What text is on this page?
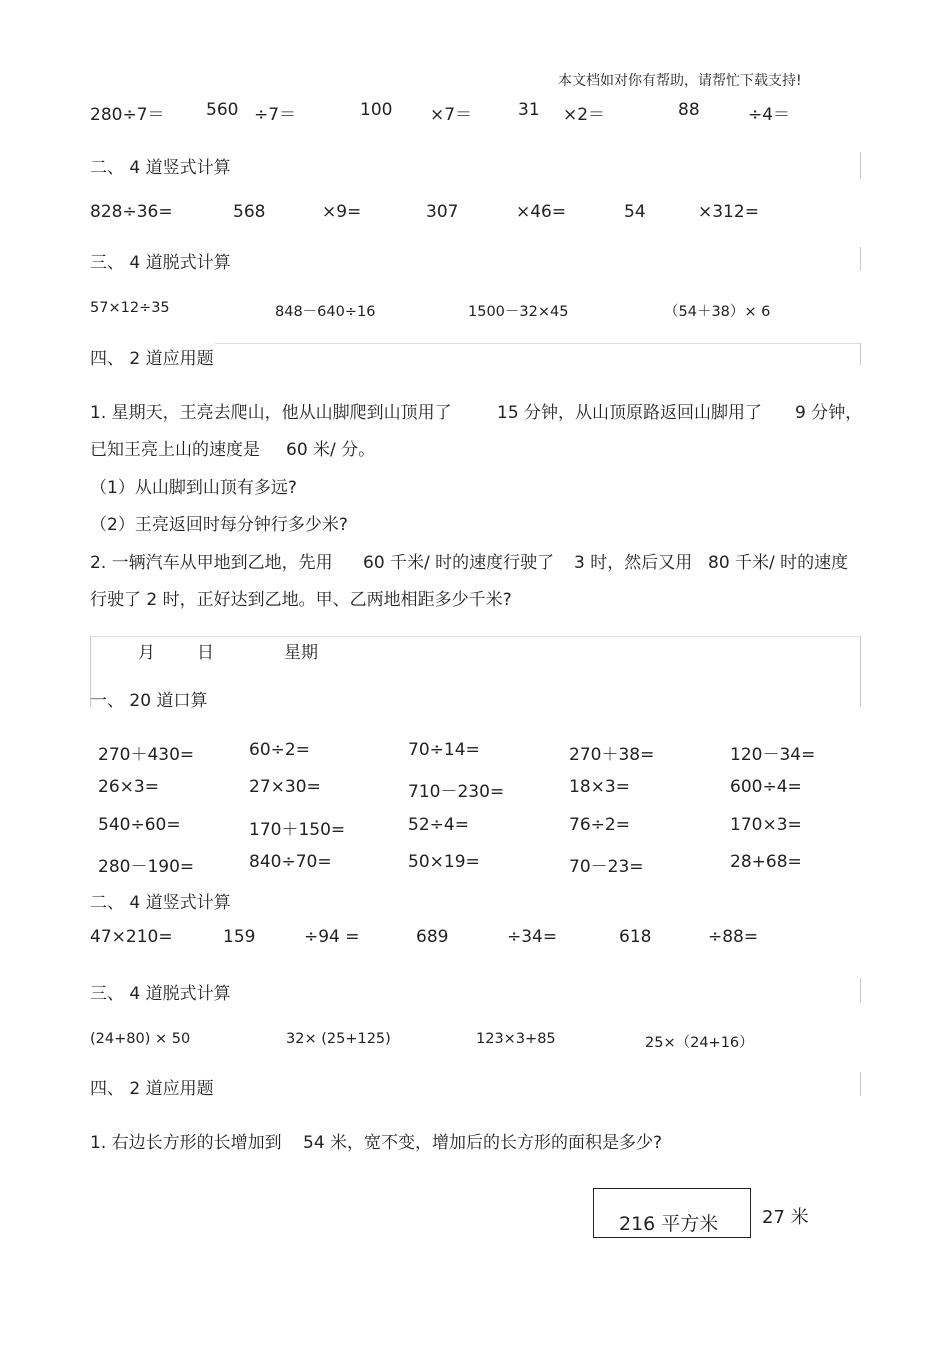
本文档如对你有帮助，请帮忙下载支持!
280÷7＝ 560 ÷7＝	100 ×7＝	31 ×2＝	88	÷4＝
二、 4 道竖式计算
828÷36=	568	×9=	307	×46=	54	×312=
三、 4 道脱式计算
57×12÷35	848－640÷16	1500－32×45	（54＋38）× 6
四、 2 道应用题
1. 星期天，王亮去爬山，他从山脚爬到山顶用了	15 分钟，从山顶原路返回山脚用了 9 分钟，
已知王亮上山的速度是 60 米/ 分。
（1）从山脚到山顶有多远?
（2）王亮返回时每分钟行多少米?
2. 一辆汽车从甲地到乙地，先用 60 千米/ 时的速度行驶了 3 时，然后又用 80 千米/ 时的速度
行驶了 2 时，正好达到乙地。甲、乙两地相距多少千米?
月 日	星期
一、 20 道口算
270＋430=	60÷2=	70÷14=	270＋38=	120－34=
26×3=	27×30=	710－230=	18×3=	600÷4=
540÷60=	170＋150=	52÷4=	76÷2=	170×3=
280－190=	840÷70=	50×19=	70－23=	28+68=
二、 4 道竖式计算
47×210=	159	÷94 =	689	÷34=	618	÷88=
三、 4 道脱式计算
(24+80) × 50	32× (25+125)	123×3+85	25×（24+16）
四、 2 道应用题
1. 右边长方形的长增加到 54 米，宽不变，增加后的长方形的面积是多少?
216 平方米 27 米
